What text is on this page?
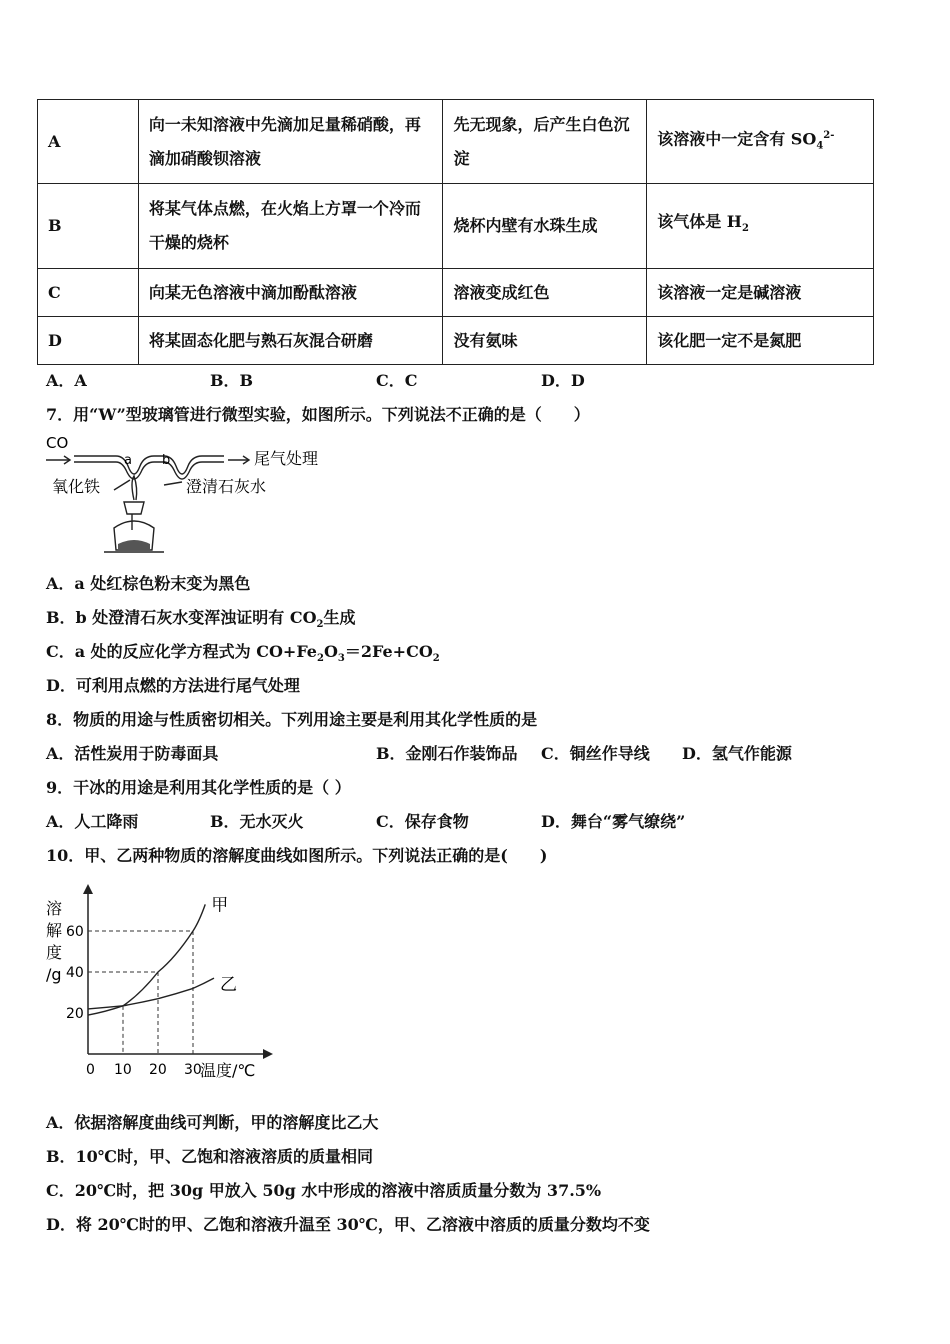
A	向一未知溶液中先滴加足量稀硝酸，再滴加硝酸钡溶液	先无现象，后产生白色沉淀	该溶液中一定含有 $SO_4^{2-}$
B	将某气体点燃，在火焰上方罩一个冷而干燥的烧杯	烧杯内壁有水珠生成	该气体是 $H_2$
C	向某无色溶液中滴加酚酞溶液	溶液变成红色	该溶液一定是碱溶液
D	将某固态化肥与熟石灰混合研磨	没有氨味	该化肥一定不是氮肥
A．A	B．B	C．C	D．D
7．用“W”型玻璃管进行微型实验，如图所示。下列说法不正确的是（　　）
CO
a b	尾气处理
氧化铁	澄清石灰水
A．a 处红棕色粉末变为黑色
B．b 处澄清石灰水变浑浊证明有 $CO_2$生成
C．a 处的反应化学方程式为 $CO+Fe_2O_3=2Fe+CO_2$
D．可利用点燃的方法进行尾气处理
8．物质的用途与性质密切相关。下列用途主要是利用其化学性质的是
A．活性炭用于防毒面具	B．金刚石作装饰品 C．铜丝作导线 D．氢气作能源
9．干冰的用途是利用其化学性质的是（ ）
A．人工降雨	B．无水灭火	C．保存食物	D．舞台“雾气缭绕”
10．甲、乙两种物质的溶解度曲线如图所示。下列说法正确的是(　　)
甲
乙
0 10 20 30
20
40
60
温度/℃
溶
解
度
/g
A．依据溶解度曲线可判断，甲的溶解度比乙大
B．10℃时，甲、乙饱和溶液溶质的质量相同
C．20℃时，把 30g 甲放入 50g 水中形成的溶液中溶质质量分数为 37.5%
D．将 20℃时的甲、乙饱和溶液升温至 30℃，甲、乙溶液中溶质的质量分数均不变
